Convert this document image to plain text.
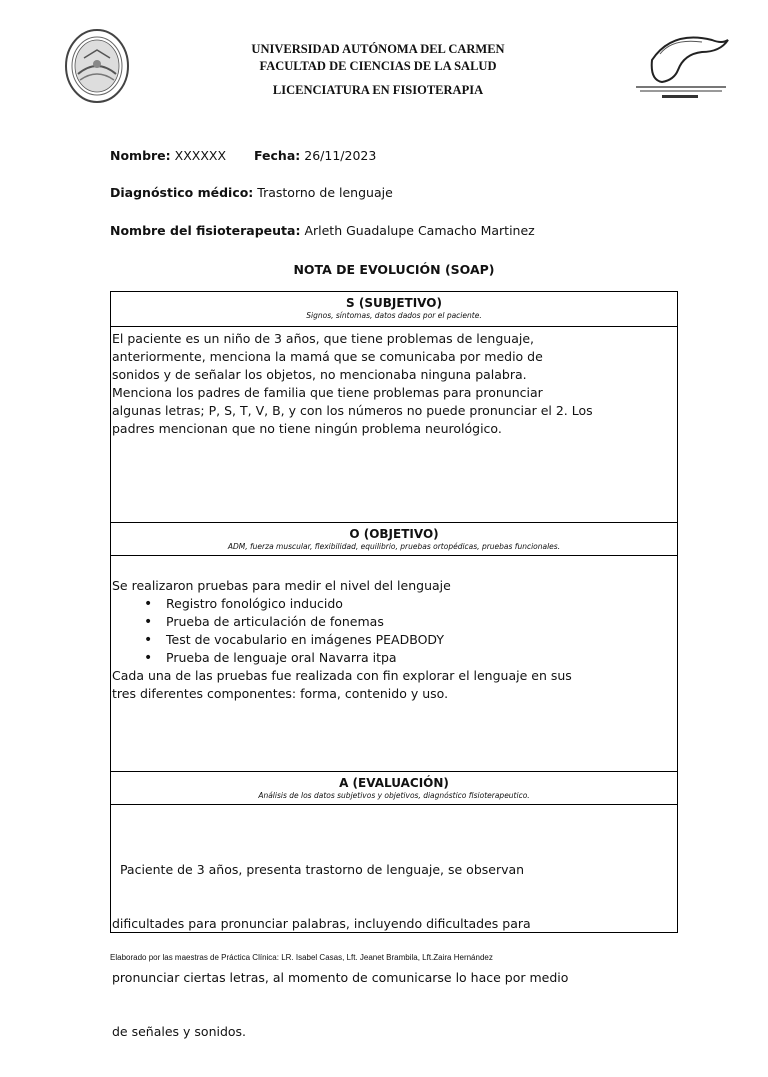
UNIVERSIDAD AUTÓNOMA DEL CARMEN
FACULTAD DE CIENCIAS DE LA SALUD
LICENCIATURA EN FISIOTERAPIA
Nombre: XXXXXX Fecha: 26/11/2023
Diagnóstico médico: Trastorno de lenguaje
Nombre del fisioterapeuta: Arleth Guadalupe Camacho Martinez
NOTA DE EVOLUCIÓN (SOAP)
S (SUBJETIVO)
Signos, síntomas, datos dados por el paciente.

El paciente es un niño de 3 años, que tiene problemas de lenguaje,

anteriormente, menciona la mamá que se comunicaba por medio de

sonidos y de señalar los objetos, no mencionaba ninguna palabra.

Menciona los padres de familia que tiene problemas para pronunciar

algunas letras; P, S, T, V, B, y con los números no puede pronunciar el 2. Los

padres mencionan que no tiene ningún problema neurológico.

O (OBJETIVO)
ADM, fuerza muscular, flexibilidad, equilibrio, pruebas ortopédicas, pruebas funcionales.

Se realizaron pruebas para medir el nivel del lenguaje

• Registro fonológico inducido
• Prueba de articulación de fonemas
• Test de vocabulario en imágenes PEADBODY
• Prueba de lenguaje oral Navarra itpa

Cada una de las pruebas fue realizada con fin explorar el lenguaje en sus

tres diferentes componentes: forma, contenido y uso.

A (EVALUACIÓN)
Análisis de los datos subjetivos y objetivos, diagnóstico fisioterapeutico.

Paciente de 3 años, presenta trastorno de lenguaje, se observan

dificultades para pronunciar palabras, incluyendo dificultades para

pronunciar ciertas letras, al momento de comunicarse lo hace por medio

de señales y sonidos.

Elaborado por las maestras de Práctica Clínica: LR. Isabel Casas, Lft. Jeanet Brambila, Lft.Zaira Hernández
